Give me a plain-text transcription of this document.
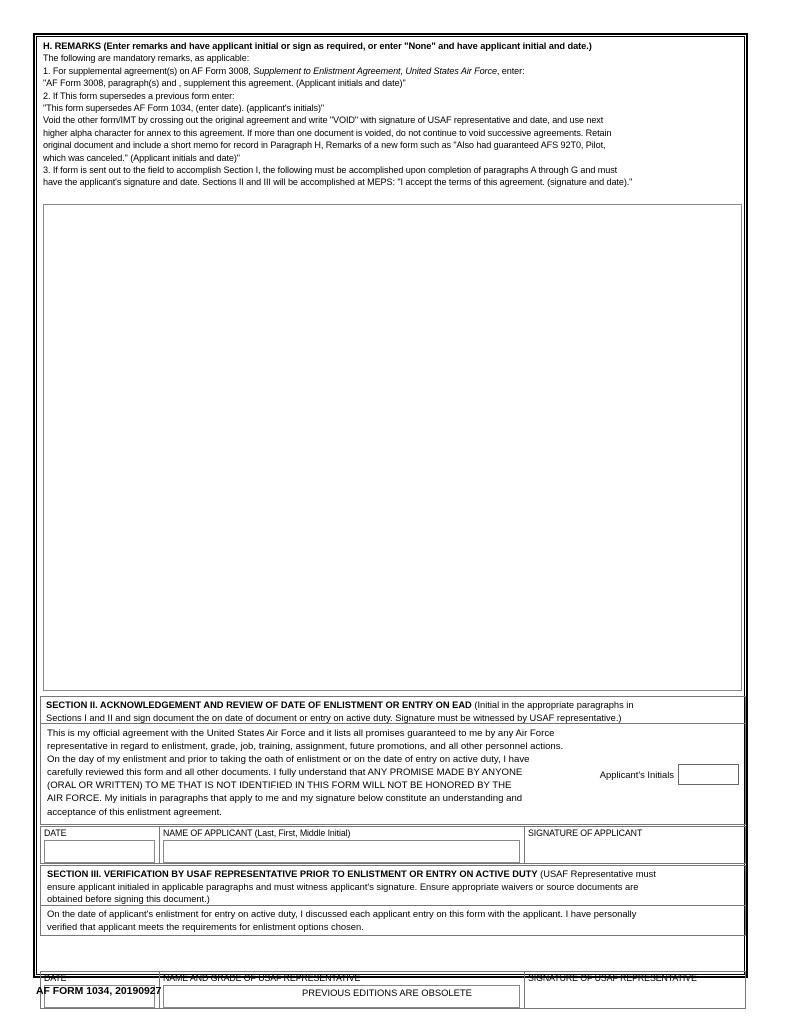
H. REMARKS (Enter remarks and have applicant initial or sign as required, or enter "None" and have applicant initial and date.)
The following are mandatory remarks, as applicable:
1. For supplemental agreement(s) on AF Form 3008, Supplement to Enlistment Agreement, United States Air Force, enter:
"AF Form 3008, paragraph(s) and , supplement this agreement. (Applicant initials and date)"
2. If This form supersedes a previous form enter:
"This form supersedes AF Form 1034, (enter date). (applicant's initials)"
Void the other form/IMT by crossing out the original agreement and write "VOID" with signature of USAF representative and date, and use next
higher alpha character for annex to this agreement. If more than one document is voided, do not continue to void successive agreements. Retain
original document and include a short memo for record in Paragraph H, Remarks of a new form such as "Also had guaranteed AFS 92T0, Pilot,
which was canceled." (Applicant initials and date)"
3. If form is sent out to the field to accomplish Section I, the following must be accomplished upon completion of paragraphs A through G and must
have the applicant's signature and date. Sections II and III will be accomplished at MEPS: "I accept the terms of this agreement. (signature and date)."
SECTION II. ACKNOWLEDGEMENT AND REVIEW OF DATE OF ENLISTMENT OR ENTRY ON EAD (Initial in the appropriate paragraphs in
Sections I and II and sign document the on date of document or entry on active duty. Signature must be witnessed by USAF representative.)
This is my official agreement with the United States Air Force and it lists all promises guaranteed to me by any Air Force
representative in regard to enlistment, grade, job, training, assignment, future promotions, and all other personnel actions.
On the day of my enlistment and prior to taking the oath of enlistment or on the date of entry on active duty, I have
carefully reviewed this form and all other documents. I fully understand that ANY PROMISE MADE BY ANYONE
(ORAL OR WRITTEN) TO ME THAT IS NOT IDENTIFIED IN THIS FORM WILL NOT BE HONORED BY THE
AIR FORCE. My initials in paragraphs that apply to me and my signature below constitute an understanding and
acceptance of this enlistment agreement.
Applicant's Initials
DATE	NAME OF APPLICANT (Last, First, Middle Initial)	SIGNATURE OF APPLICANT
SECTION III. VERIFICATION BY USAF REPRESENTATIVE PRIOR TO ENLISTMENT OR ENTRY ON ACTIVE DUTY (USAF Representative must
ensure applicant initialed in applicable paragraphs and must witness applicant's signature. Ensure appropriate waivers or source documents are
obtained before signing this document.)
On the date of applicant's enlistment for entry on active duty, I discussed each applicant entry on this form with the applicant. I have personally
verified that applicant meets the requirements for enlistment options chosen.
DATE	NAME AND GRADE OF USAF REPRESENTATIVE	SIGNATURE OF USAF REPRESENTATIVE
AF FORM 1034, 20190927	PREVIOUS EDITIONS ARE OBSOLETE
